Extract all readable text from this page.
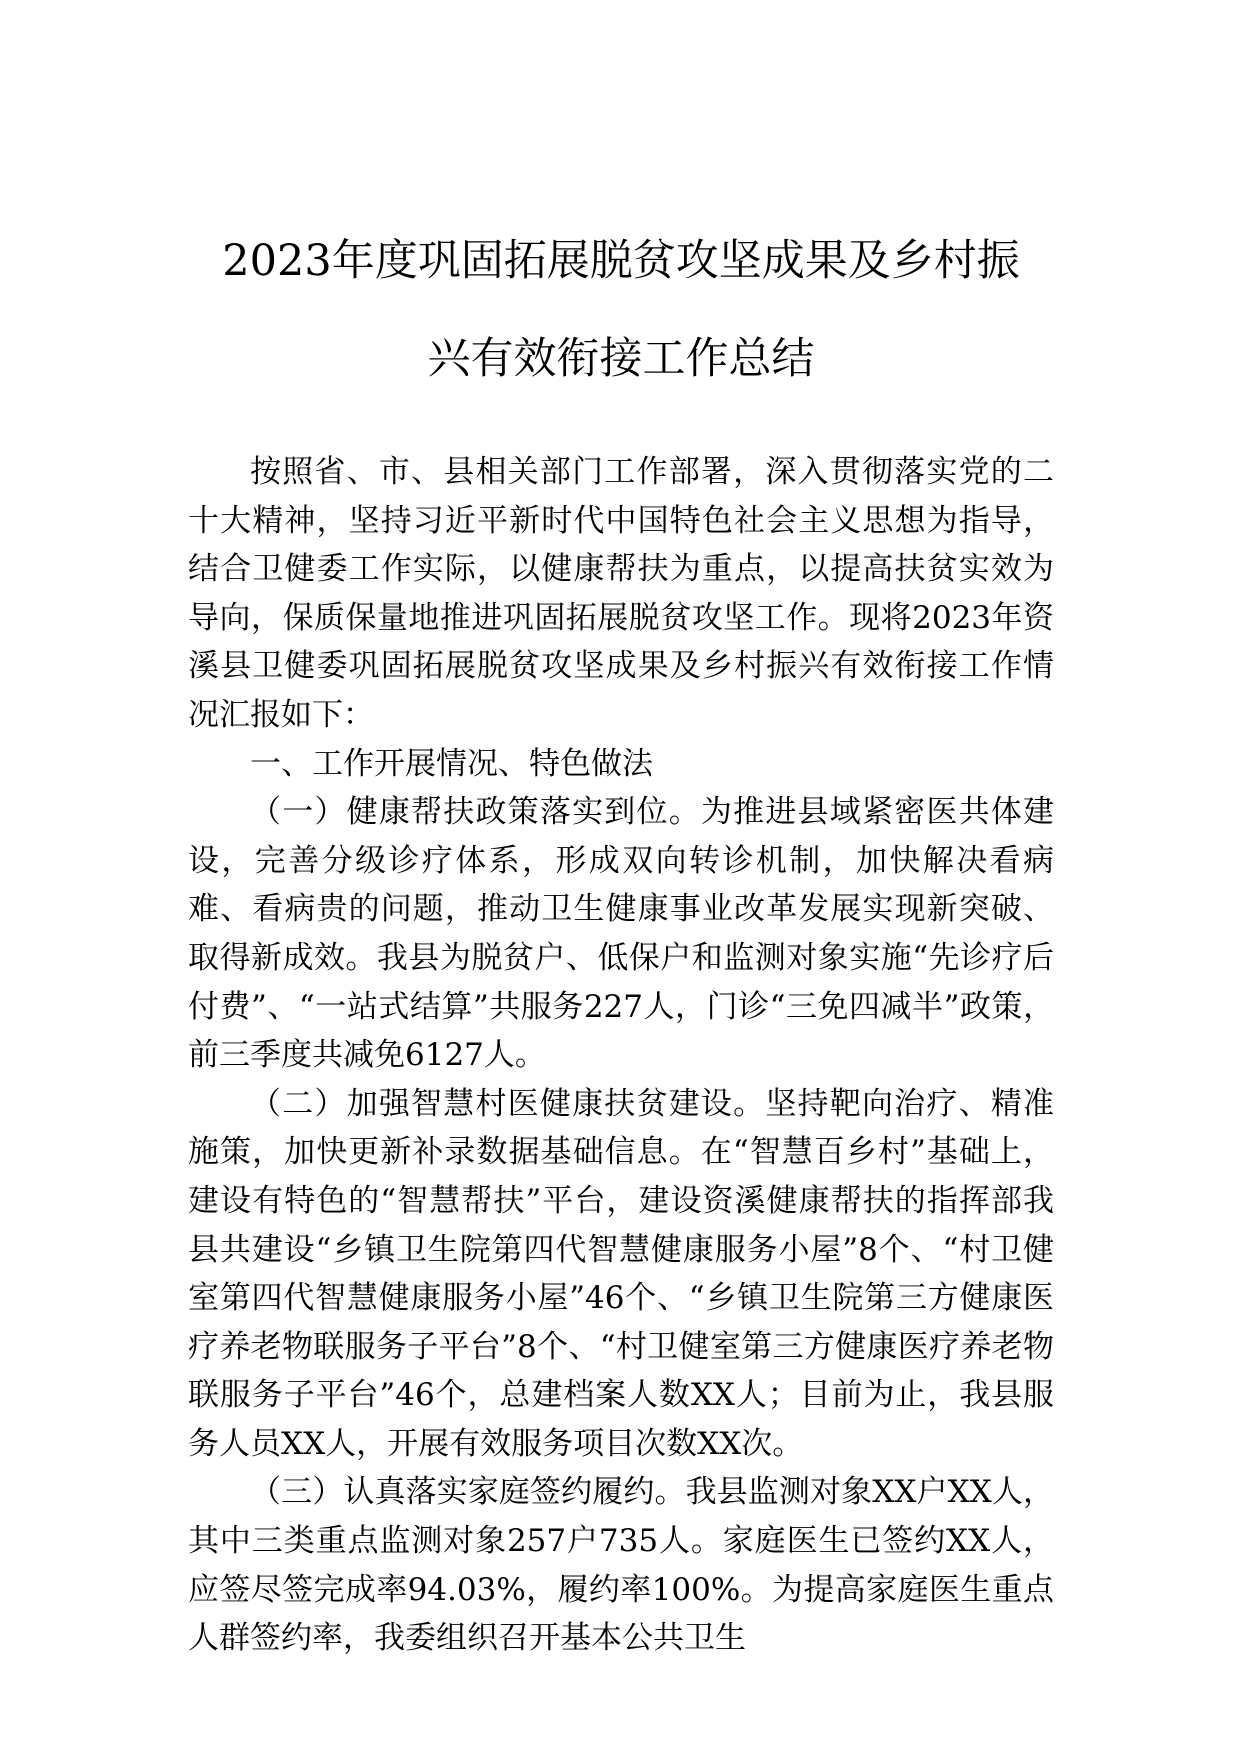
2023年度巩固拓展脱贫攻坚成果及乡村振
兴有效衔接工作总结

按照省、市、县相关部门工作部署，深入贯彻落实党的二十大精神，坚持习近平新时代中国特色社会主义思想为指导，结合卫健委工作实际，以健康帮扶为重点，以提高扶贫实效为导向，保质保量地推进巩固拓展脱贫攻坚工作。现将2023年资溪县卫健委巩固拓展脱贫攻坚成果及乡村振兴有效衔接工作情况汇报如下：

一、工作开展情况、特色做法

（一）健康帮扶政策落实到位。为推进县域紧密医共体建设，完善分级诊疗体系，形成双向转诊机制，加快解决看病难、看病贵的问题，推动卫生健康事业改革发展实现新突破、取得新成效。我县为脱贫户、低保户和监测对象实施“先诊疗后付费”、“一站式结算”共服务227人，门诊“三免四减半”政策，前三季度共减免6127人。

（二）加强智慧村医健康扶贫建设。坚持靶向治疗、精准施策，加快更新补录数据基础信息。在“智慧百乡村”基础上，建设有特色的“智慧帮扶”平台，建设资溪健康帮扶的指挥部我县共建设“乡镇卫生院第四代智慧健康服务小屋”8个、“村卫健室第四代智慧健康服务小屋”46个、“乡镇卫生院第三方健康医疗养老物联服务子平台”8个、“村卫健室第三方健康医疗养老物联服务子平台”46个，总建档案人数XX人；目前为止，我县服务人员XX人，开展有效服务项目次数XX次。

（三）认真落实家庭签约履约。我县监测对象XX户XX人，其中三类重点监测对象257户735人。家庭医生已签约XX人，应签尽签完成率94.03%，履约率100%。为提高家庭医生重点人群签约率，我委组织召开基本公共卫生
